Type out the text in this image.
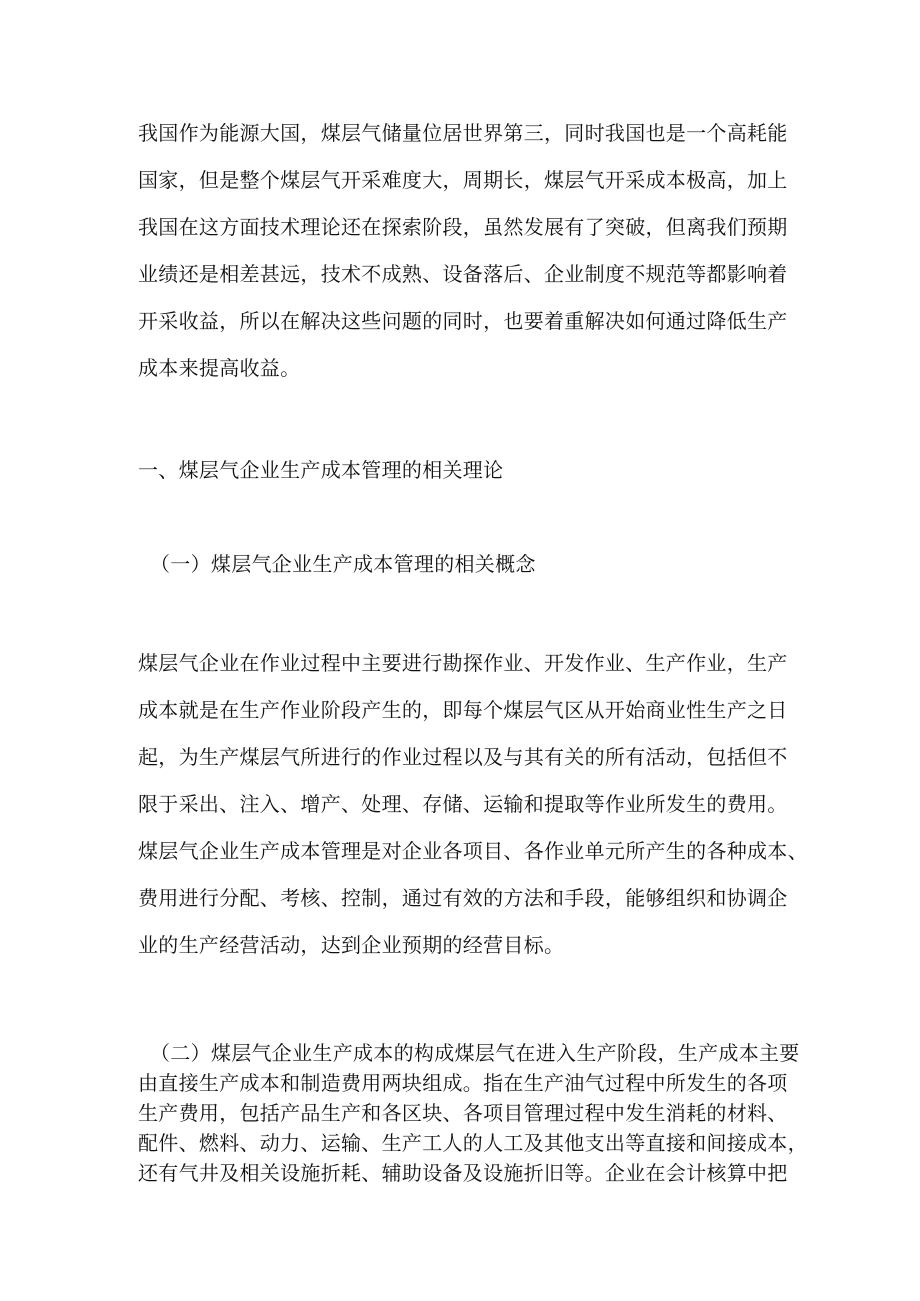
我国作为能源大国，煤层气储量位居世界第三，同时我国也是一个高耗能

国家，但是整个煤层气开采难度大，周期长，煤层气开采成本极高，加上

我国在这方面技术理论还在探索阶段，虽然发展有了突破，但离我们预期

业绩还是相差甚远，技术不成熟、设备落后、企业制度不规范等都影响着

开采收益，所以在解决这些问题的同时，也要着重解决如何通过降低生产

成本来提高收益。

一、煤层气企业生产成本管理的相关理论
（一）煤层气企业生产成本管理的相关概念

煤层气企业在作业过程中主要进行勘探作业、开发作业、生产作业，生产

成本就是在生产作业阶段产生的，即每个煤层气区从开始商业性生产之日

起，为生产煤层气所进行的作业过程以及与其有关的所有活动，包括但不

限于采出、注入、增产、处理、存储、运输和提取等作业所发生的费用。

煤层气企业生产成本管理是对企业各项目、各作业单元所产生的各种成本、

费用进行分配、考核、控制，通过有效的方法和手段，能够组织和协调企

业的生产经营活动，达到企业预期的经营目标。

（二）煤层气企业生产成本的构成煤层气在进入生产阶段，生产成本主要

由直接生产成本和制造费用两块组成。指在生产油气过程中所发生的各项

生产费用，包括产品生产和各区块、各项目管理过程中发生消耗的材料、

配件、燃料、动力、运输、生产工人的人工及其他支出等直接和间接成本，

还有气井及相关设施折耗、辅助设备及设施折旧等。企业在会计核算中把
